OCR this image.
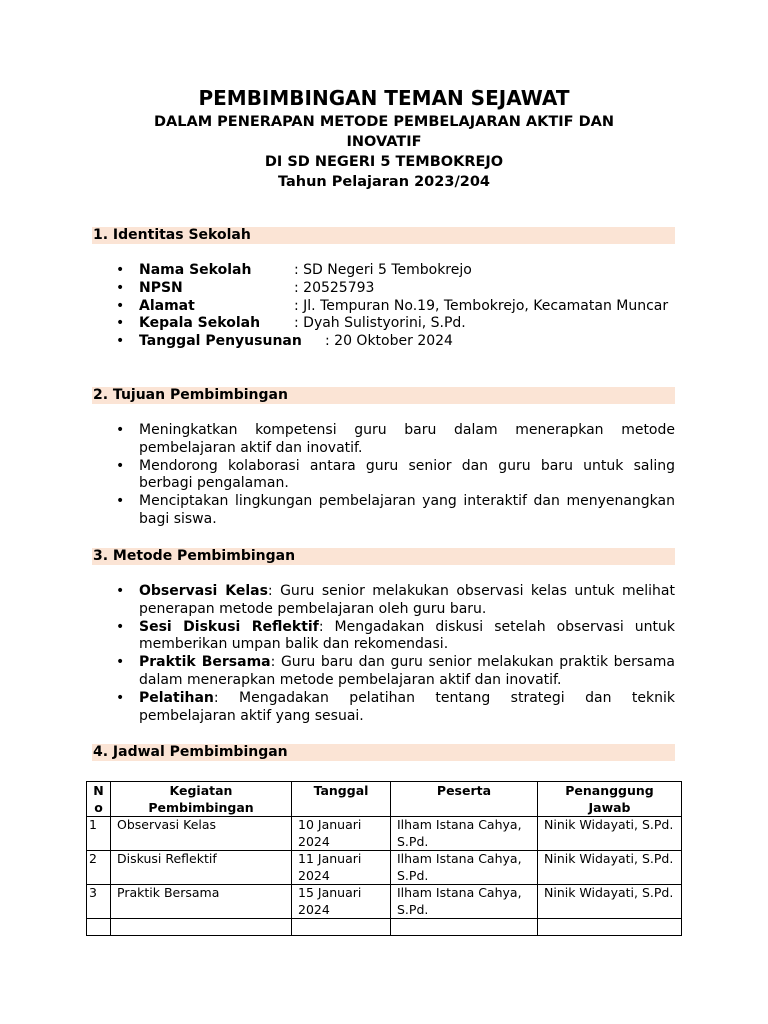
PEMBIMBINGAN TEMAN SEJAWAT
DALAM PENERAPAN METODE PEMBELAJARAN AKTIF DAN
INOVATIF
DI SD NEGERI 5 TEMBOKREJO
Tahun Pelajaran 2023/204
1. Identitas Sekolah
• Nama Sekolah	: SD Negeri 5 Tembokrejo
• NPSN	: 20525793
• Alamat	: Jl. Tempuran No.19, Tembokrejo, Kecamatan Muncar
• Kepala Sekolah	: Dyah Sulistyorini, S.Pd.
• Tanggal Penyusunan	: 20 Oktober 2024
2. Tujuan Pembimbingan
• Meningkatkan kompetensi guru baru dalam menerapkan metode pembelajaran aktif dan inovatif.
• Mendorong kolaborasi antara guru senior dan guru baru untuk saling berbagi pengalaman.
• Menciptakan lingkungan pembelajaran yang interaktif dan menyenangkan bagi siswa.
3. Metode Pembimbingan
• Observasi Kelas: Guru senior melakukan observasi kelas untuk melihat penerapan metode pembelajaran oleh guru baru.
• Sesi Diskusi Reflektif: Mengadakan diskusi setelah observasi untuk memberikan umpan balik dan rekomendasi.
• Praktik Bersama: Guru baru dan guru senior melakukan praktik bersama dalam menerapkan metode pembelajaran aktif dan inovatif.
• Pelatihan: Mengadakan pelatihan tentang strategi dan teknik pembelajaran aktif yang sesuai.
4. Jadwal Pembimbingan
N o	Kegiatan Pembimbingan	Tanggal	Peserta	Penanggung Jawab
1	Observasi Kelas	10 Januari 2024	Ilham Istana Cahya, S.Pd.	Ninik Widayati, S.Pd.
2	Diskusi Reflektif	11 Januari 2024	Ilham Istana Cahya, S.Pd.	Ninik Widayati, S.Pd.
3	Praktik Bersama	15 Januari 2024	Ilham Istana Cahya, S.Pd.	Ninik Widayati, S.Pd.
